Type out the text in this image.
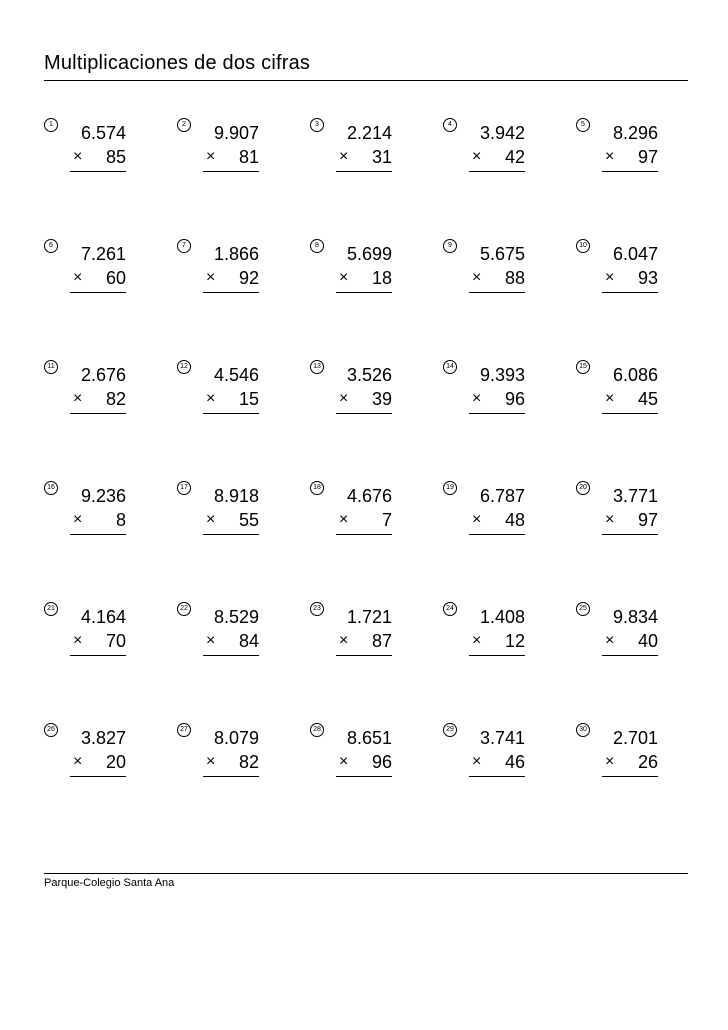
Multiplicaciones de dos cifras
1	6.574
×	85
2	9.907
×	81
3	2.214
×	31
4	3.942
×	42
5	8.296
×	97
6	7.261
×	60
7	1.866
×	92
8	5.699
×	18
9	5.675
×	88
10	6.047
×	93
11	2.676
×	82
12	4.546
×	15
13	3.526
×	39
14	9.393
×	96
15	6.086
×	45
16	9.236
×	8
17	8.918
×	55
18	4.676
×	7
19	6.787
×	48
20	3.771
×	97
21	4.164
×	70
22	8.529
×	84
23	1.721
×	87
24	1.408
×	12
25	9.834
×	40
26	3.827
×	20
27	8.079
×	82
28	8.651
×	96
29	3.741
×	46
30	2.701
×	26
Parque-Colegio Santa Ana
